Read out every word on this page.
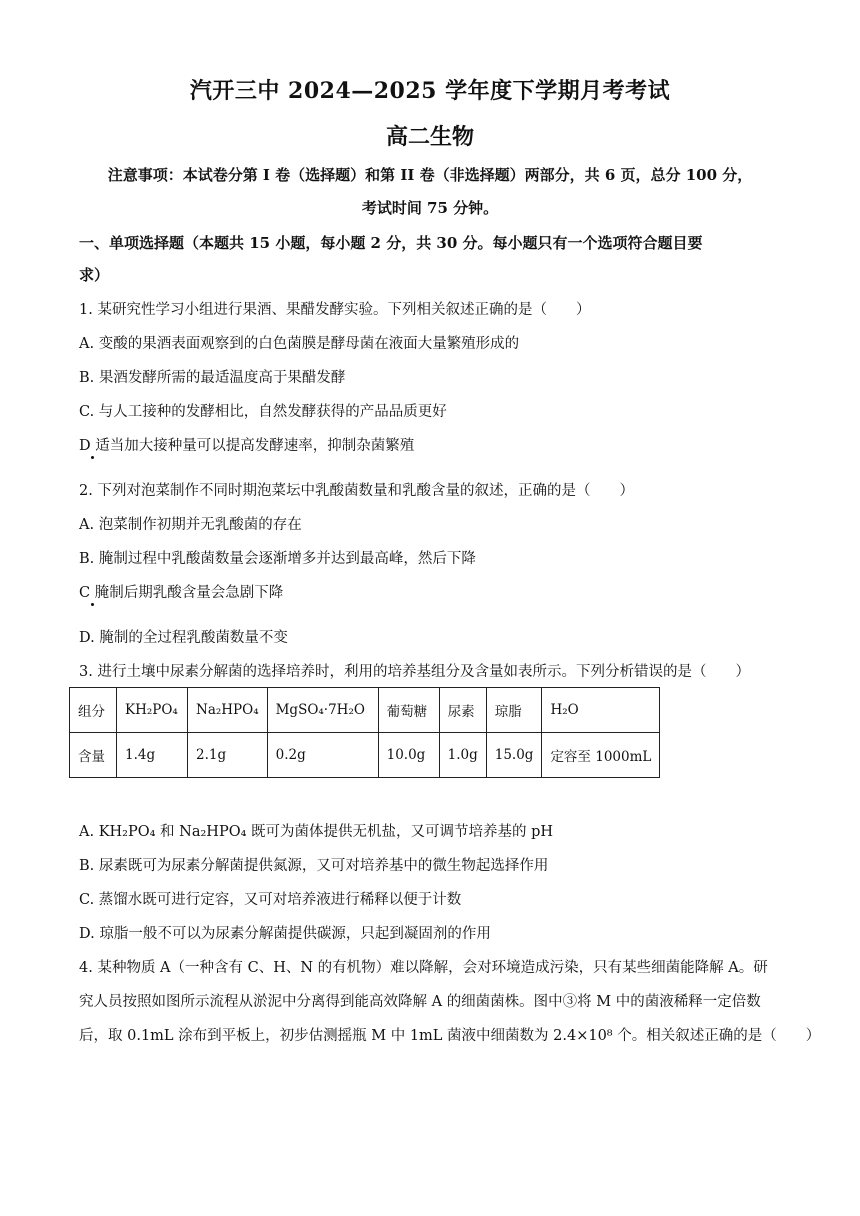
汽开三中 2024—2025 学年度下学期月考考试
高二生物
注意事项：本试卷分第 I 卷（选择题）和第 II 卷（非选择题）两部分，共 6 页，总分 100 分，
考试时间 75 分钟。
一、单项选择题（本题共 15 小题，每小题 2 分，共 30 分。每小题只有一个选项符合题目要
求）
1. 某研究性学习小组进行果酒、果醋发酵实验。下列相关叙述正确的是（　　）
A. 变酸的果酒表面观察到的白色菌膜是酵母菌在液面大量繁殖形成的
B. 果酒发酵所需的最适温度高于果醋发酵
C. 与人工接种的发酵相比，自然发酵获得的产品品质更好
D 适当加大接种量可以提高发酵速率，抑制杂菌繁殖
2. 下列对泡菜制作不同时期泡菜坛中乳酸菌数量和乳酸含量的叙述，正确的是（　　）
A. 泡菜制作初期并无乳酸菌的存在
B. 腌制过程中乳酸菌数量会逐渐增多并达到最高峰，然后下降
C 腌制后期乳酸含量会急剧下降
D. 腌制的全过程乳酸菌数量不变
3. 进行土壤中尿素分解菌的选择培养时，利用的培养基组分及含量如表所示。下列分析错误的是（　　）
组分	KH₂PO₄	Na₂HPO₄	MgSO₄·7H₂O	葡萄糖	尿素	琼脂	H₂O
含量	1.4g	2.1g	0.2g	10.0g	1.0g	15.0g	定容至 1000mL
A. KH₂PO₄ 和 Na₂HPO₄ 既可为菌体提供无机盐，又可调节培养基的 pH
B. 尿素既可为尿素分解菌提供氮源，又可对培养基中的微生物起选择作用
C. 蒸馏水既可进行定容，又可对培养液进行稀释以便于计数
D. 琼脂一般不可以为尿素分解菌提供碳源，只起到凝固剂的作用
4. 某种物质 A（一种含有 C、H、N 的有机物）难以降解，会对环境造成污染，只有某些细菌能降解 A。研
究人员按照如图所示流程从淤泥中分离得到能高效降解 A 的细菌菌株。图中③将 M 中的菌液稀释一定倍数
后，取 0.1mL 涂布到平板上，初步估测摇瓶 M 中 1mL 菌液中细菌数为 2.4×10⁸ 个。相关叙述正确的是（　　）
